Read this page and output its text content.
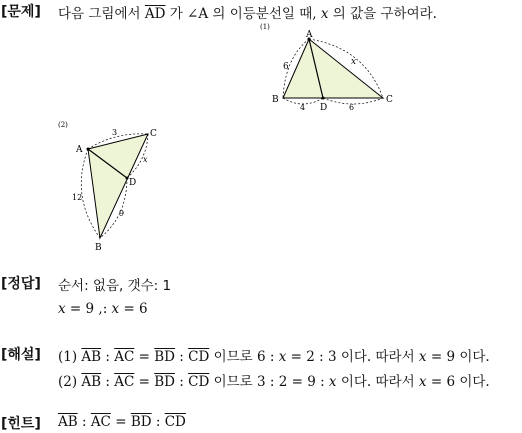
[문제] 다음 그림에서 $\overline{AD}$ 가 ∠A 의 이등분선일 때, x 의 값을 구하여라.
(1)
A
B	C
D
6	x
4	6
(2)
A
C
D
B
3
x
12
9
[정답] 순서: 없음, 갯수: 1
x = 9 ,: x = 6
[해설] (1) $\overline{AB}$ : $\overline{AC} = \overline{BD}$ : $\overline{CD}$ 이므로 6 : x = 2 : 3 이다. 따라서 x = 9 이다.
(2) $\overline{AB}$ : $\overline{AC} = \overline{BD}$ : $\overline{CD}$ 이므로 3 : 2 = 9 : x 이다. 따라서 x = 6 이다.
[힌트] $\overline{AB}$ : $\overline{AC} = \overline{BD}$ : $\overline{CD}$
